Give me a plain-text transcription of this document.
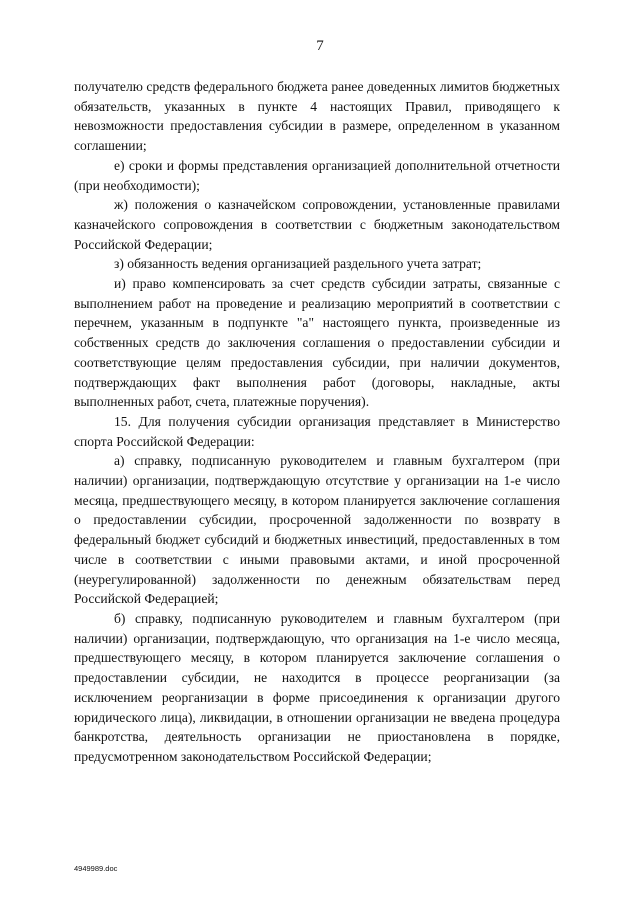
7

получателю средств федерального бюджета ранее доведенных лимитов бюджетных обязательств, указанных в пункте 4 настоящих Правил, приводящего к невозможности предоставления субсидии в размере, определенном в указанном соглашении;

е) сроки и формы представления организацией дополнительной отчетности (при необходимости);

ж) положения о казначейском сопровождении, установленные правилами казначейского сопровождения в соответствии с бюджетным законодательством Российской Федерации;

з) обязанность ведения организацией раздельного учета затрат;

и) право компенсировать за счет средств субсидии затраты, связанные с выполнением работ на проведение и реализацию мероприятий в соответствии с перечнем, указанным в подпункте "а" настоящего пункта, произведенные из собственных средств до заключения соглашения о предоставлении субсидии и соответствующие целям предоставления субсидии, при наличии документов, подтверждающих факт выполнения работ (договоры, накладные, акты выполненных работ, счета, платежные поручения).

15. Для получения субсидии организация представляет в Министерство спорта Российской Федерации:

а) справку, подписанную руководителем и главным бухгалтером (при наличии) организации, подтверждающую отсутствие у организации на 1-е число месяца, предшествующего месяцу, в котором планируется заключение соглашения о предоставлении субсидии, просроченной задолженности по возврату в федеральный бюджет субсидий и бюджетных инвестиций, предоставленных в том числе в соответствии с иными правовыми актами, и иной просроченной (неурегулированной) задолженности по денежным обязательствам перед Российской Федерацией;

б) справку, подписанную руководителем и главным бухгалтером (при наличии) организации, подтверждающую, что организация на 1-е число месяца, предшествующего месяцу, в котором планируется заключение соглашения о предоставлении субсидии, не находится в процессе реорганизации (за исключением реорганизации в форме присоединения к организации другого юридического лица), ликвидации, в отношении организации не введена процедура банкротства, деятельность организации не приостановлена в порядке, предусмотренном законодательством Российской Федерации;

4949989.doc
